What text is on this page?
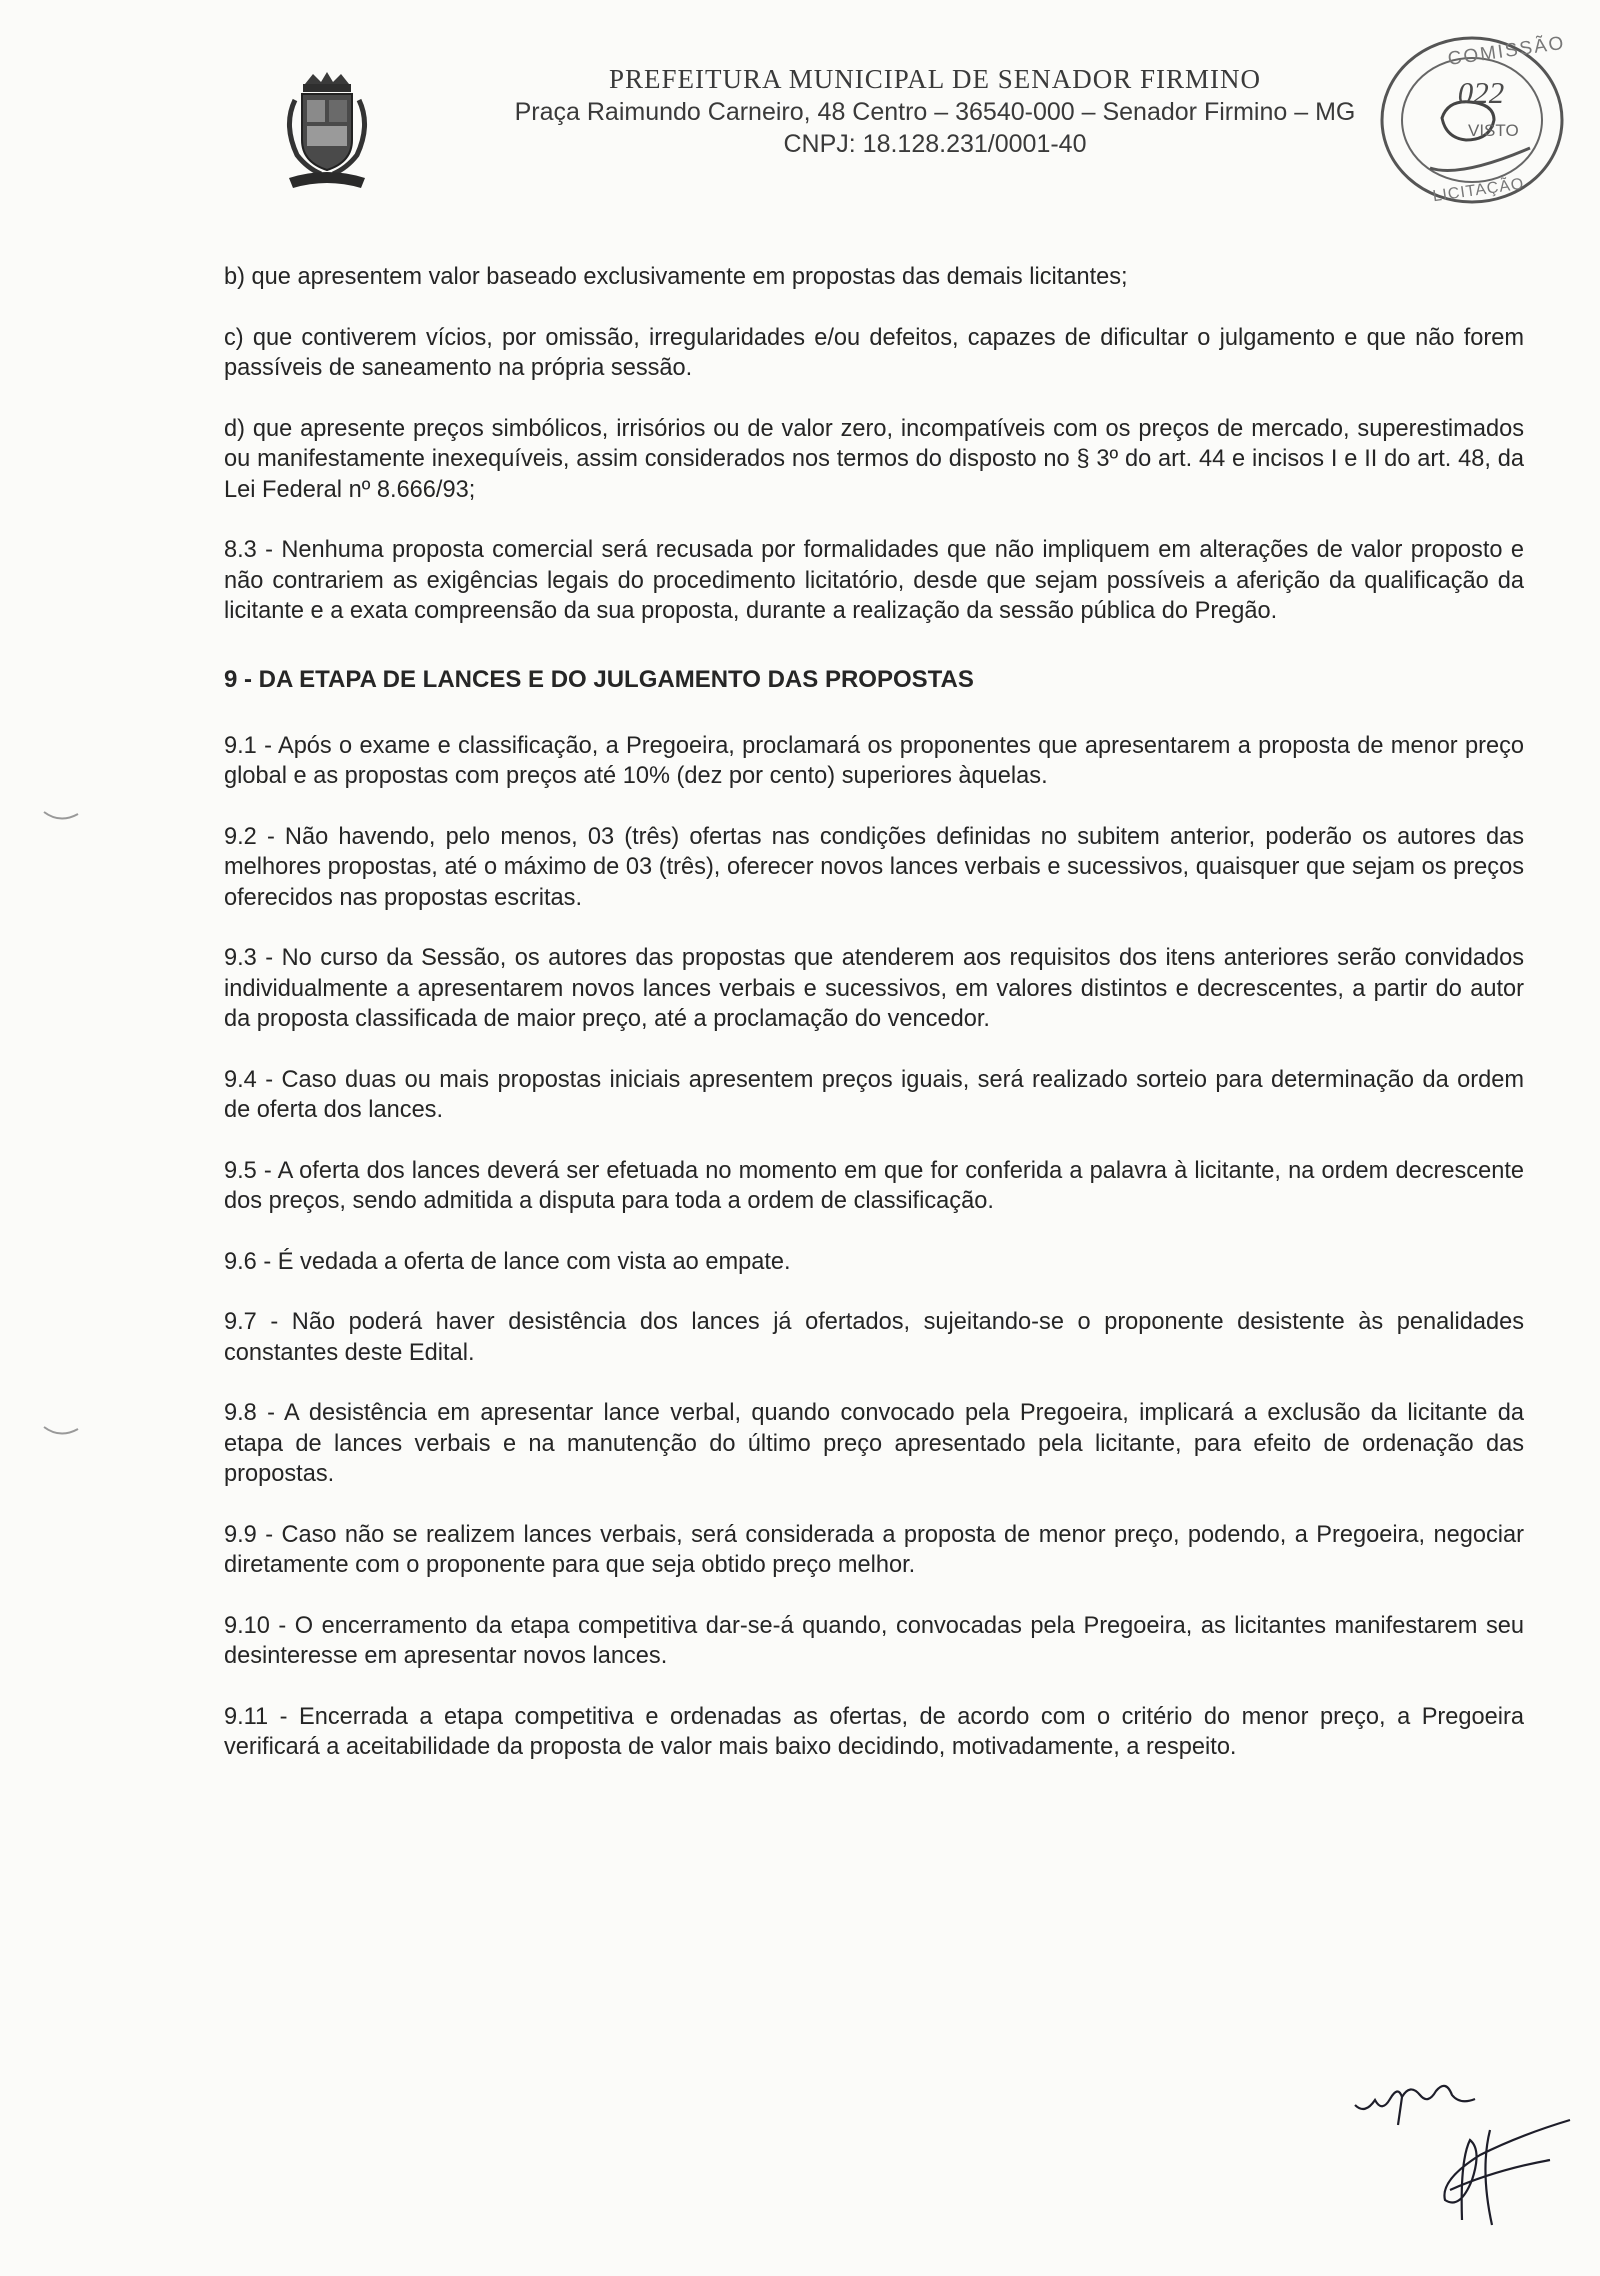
PREFEITURA MUNICIPAL DE SENADOR FIRMINO
Praça Raimundo Carneiro, 48 Centro – 36540-000 – Senador Firmino – MG
CNPJ: 18.128.231/0001-40
COMISSÃO
VISTO
LICITAÇÃO
022

b) que apresentem valor baseado exclusivamente em propostas das demais licitantes;

c) que contiverem vícios, por omissão, irregularidades e/ou defeitos, capazes de dificultar o julgamento e que não forem passíveis de saneamento na própria sessão.

d) que apresente preços simbólicos, irrisórios ou de valor zero, incompatíveis com os preços de mercado, superestimados ou manifestamente inexequíveis, assim considerados nos termos do disposto no § 3º do art. 44 e incisos I e II do art. 48, da Lei Federal nº 8.666/93;

8.3 - Nenhuma proposta comercial será recusada por formalidades que não impliquem em alterações de valor proposto e não contrariem as exigências legais do procedimento licitatório, desde que sejam possíveis a aferição da qualificação da licitante e a exata compreensão da sua proposta, durante a realização da sessão pública do Pregão.

9 - DA ETAPA DE LANCES E DO JULGAMENTO DAS PROPOSTAS

9.1 - Após o exame e classificação, a Pregoeira, proclamará os proponentes que apresentarem a proposta de menor preço global e as propostas com preços até 10% (dez por cento) superiores àquelas.

9.2 - Não havendo, pelo menos, 03 (três) ofertas nas condições definidas no subitem anterior, poderão os autores das melhores propostas, até o máximo de 03 (três), oferecer novos lances verbais e sucessivos, quaisquer que sejam os preços oferecidos nas propostas escritas.

9.3 - No curso da Sessão, os autores das propostas que atenderem aos requisitos dos itens anteriores serão convidados individualmente a apresentarem novos lances verbais e sucessivos, em valores distintos e decrescentes, a partir do autor da proposta classificada de maior preço, até a proclamação do vencedor.

9.4 - Caso duas ou mais propostas iniciais apresentem preços iguais, será realizado sorteio para determinação da ordem de oferta dos lances.

9.5 - A oferta dos lances deverá ser efetuada no momento em que for conferida a palavra à licitante, na ordem decrescente dos preços, sendo admitida a disputa para toda a ordem de classificação.

9.6 - É vedada a oferta de lance com vista ao empate.

9.7 - Não poderá haver desistência dos lances já ofertados, sujeitando-se o proponente desistente às penalidades constantes deste Edital.

9.8 - A desistência em apresentar lance verbal, quando convocado pela Pregoeira, implicará a exclusão da licitante da etapa de lances verbais e na manutenção do último preço apresentado pela licitante, para efeito de ordenação das propostas.

9.9 - Caso não se realizem lances verbais, será considerada a proposta de menor preço, podendo, a Pregoeira, negociar diretamente com o proponente para que seja obtido preço melhor.

9.10 - O encerramento da etapa competitiva dar-se-á quando, convocadas pela Pregoeira, as licitantes manifestarem seu desinteresse em apresentar novos lances.

9.11 - Encerrada a etapa competitiva e ordenadas as ofertas, de acordo com o critério do menor preço, a Pregoeira verificará a aceitabilidade da proposta de valor mais baixo decidindo, motivadamente, a respeito.
